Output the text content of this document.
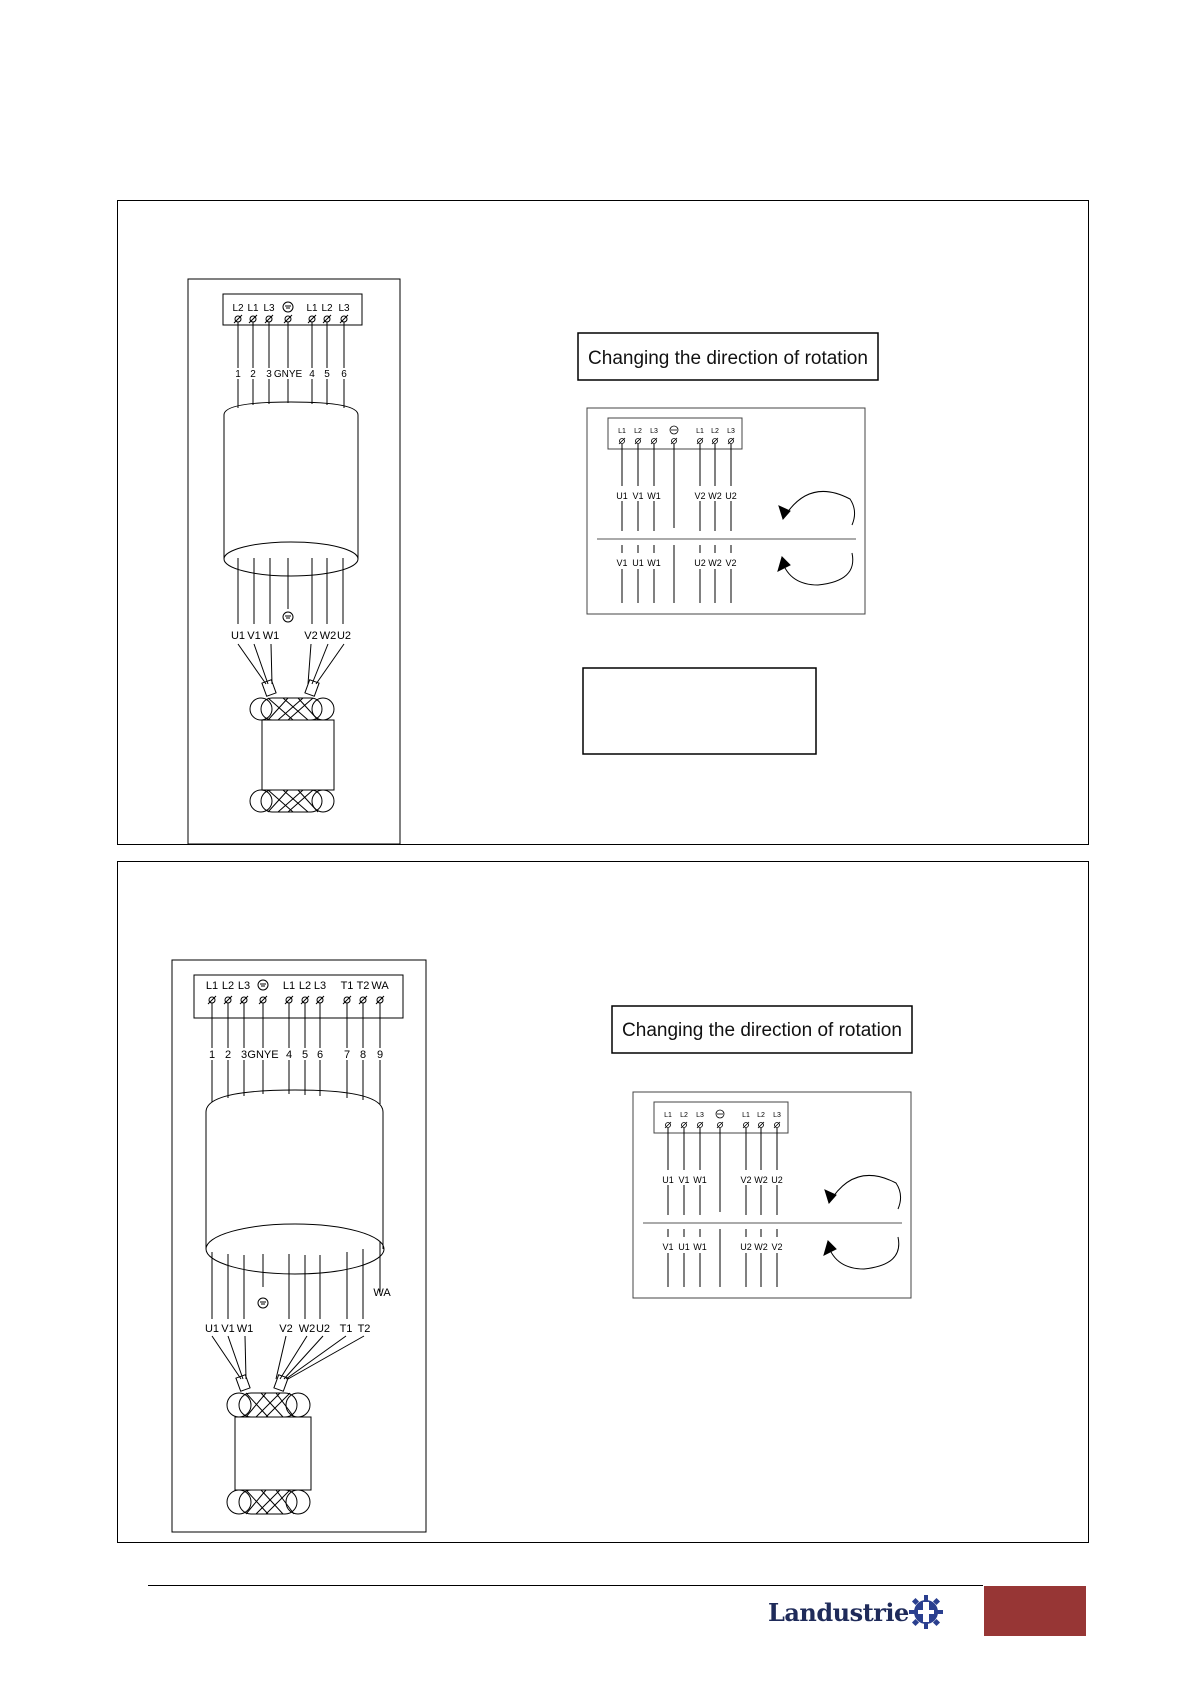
L2 L1 L3	L1 L2 L3
1 2 3 GNYE 4 5 6
U1 V1 W1 V2 W2 U2
Changing the direction of rotation
L1 L2 L3	L1 L2 L3
U1 V1 W1	V2 W2 U2
V1 U1 W1	U2 W2 V2
L1 L2 L3	L1 L2 L3 T1 T2 WA
1 2 3 GNYE 4 5 6 7 8 9
WA
U1 V1 W1 V2 W2 U2 T1 T2
Changing the direction of rotation
L1 L2 L3	L1 L2 L3
U1 V1 W1	V2 W2 U2
V1 U1 W1	U2 W2 V2
Landustrie
